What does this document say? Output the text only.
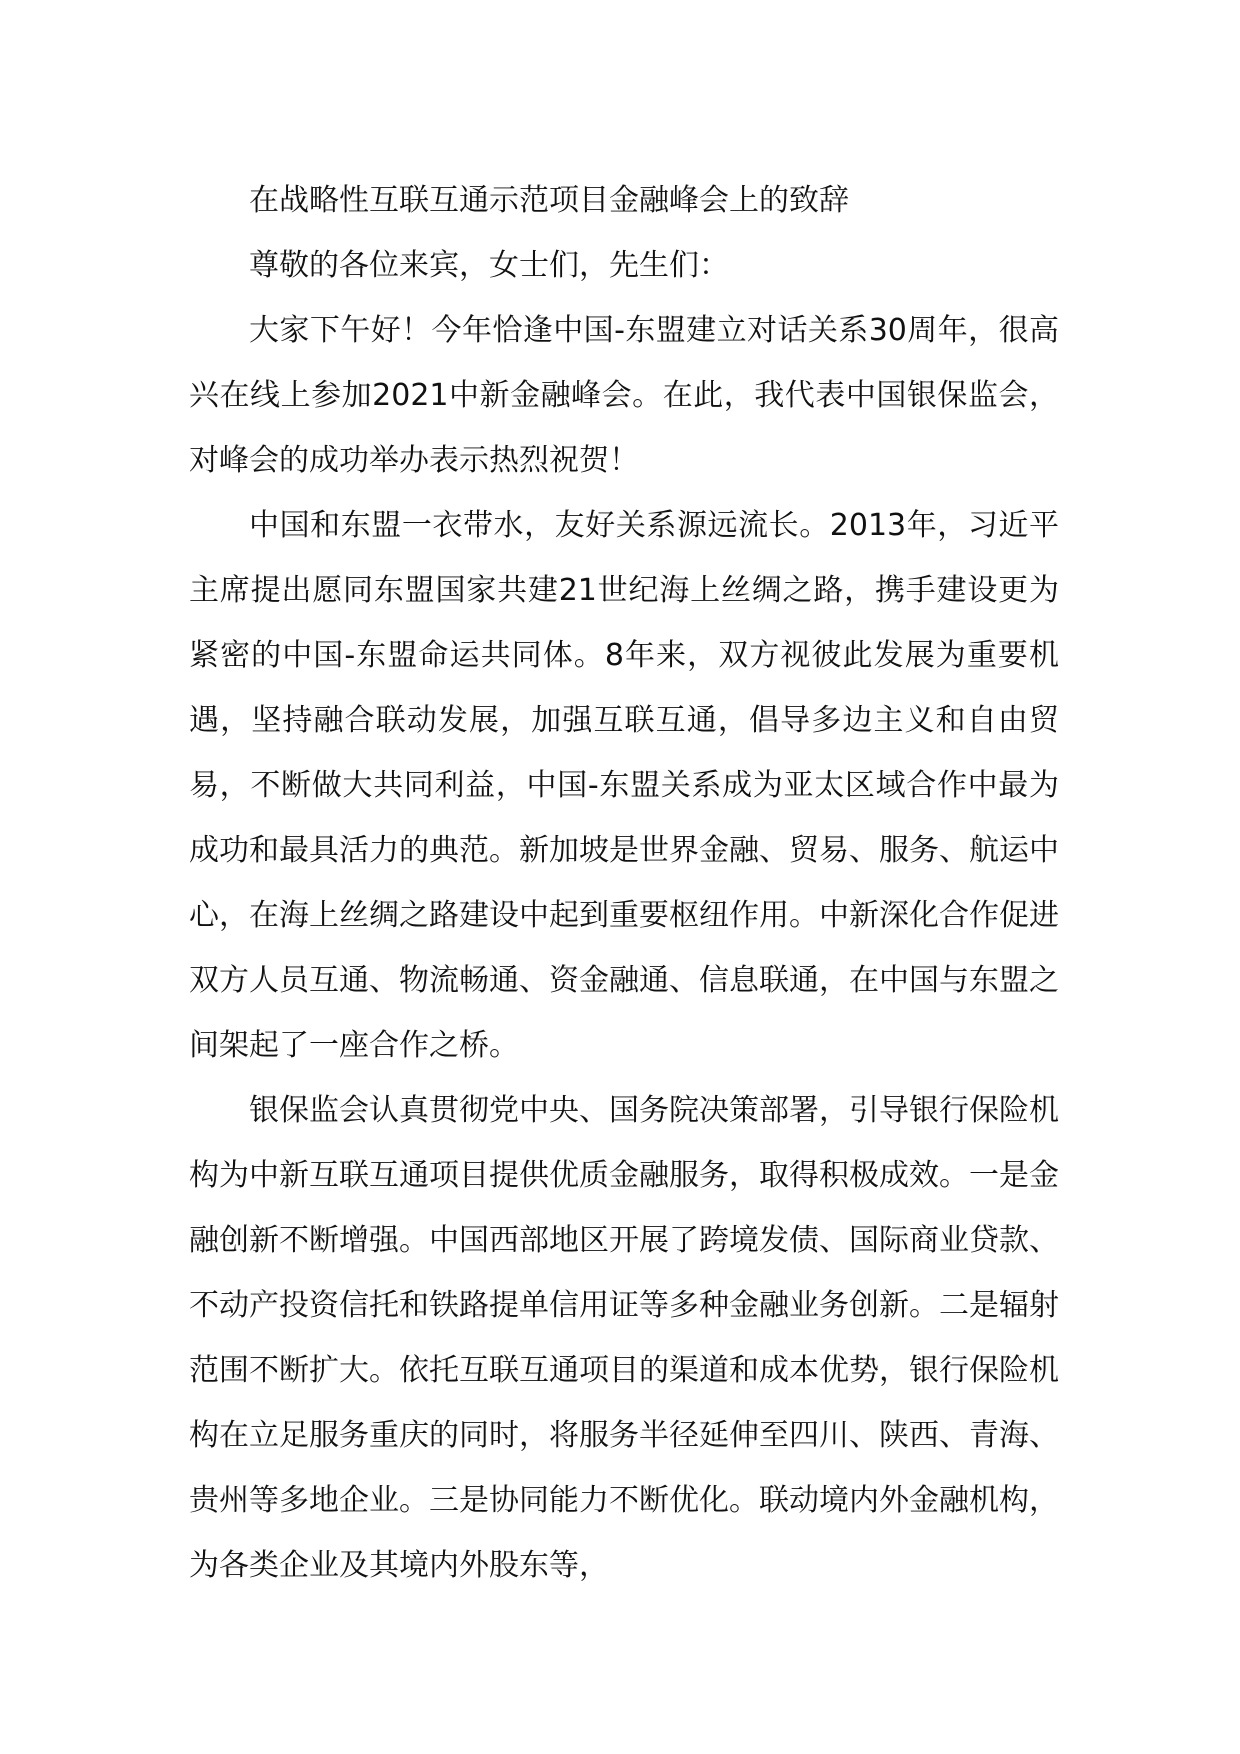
在战略性互联互通示范项目金融峰会上的致辞

尊敬的各位来宾，女士们，先生们：

大家下午好！今年恰逢中国-东盟建立对话关系30周年，很高兴在线上参加2021中新金融峰会。在此，我代表中国银保监会，对峰会的成功举办表示热烈祝贺！

中国和东盟一衣带水，友好关系源远流长。2013年，习近平主席提出愿同东盟国家共建21世纪海上丝绸之路，携手建设更为紧密的中国-东盟命运共同体。8年来，双方视彼此发展为重要机遇，坚持融合联动发展，加强互联互通，倡导多边主义和自由贸易，不断做大共同利益，中国-东盟关系成为亚太区域合作中最为成功和最具活力的典范。新加坡是世界金融、贸易、服务、航运中心，在海上丝绸之路建设中起到重要枢纽作用。中新深化合作促进双方人员互通、物流畅通、资金融通、信息联通，在中国与东盟之间架起了一座合作之桥。

银保监会认真贯彻党中央、国务院决策部署，引导银行保险机构为中新互联互通项目提供优质金融服务，取得积极成效。一是金融创新不断增强。中国西部地区开展了跨境发债、国际商业贷款、不动产投资信托和铁路提单信用证等多种金融业务创新。二是辐射范围不断扩大。依托互联互通项目的渠道和成本优势，银行保险机构在立足服务重庆的同时，将服务半径延伸至四川、陕西、青海、贵州等多地企业。三是协同能力不断优化。联动境内外金融机构，为各类企业及其境内外股东等，
